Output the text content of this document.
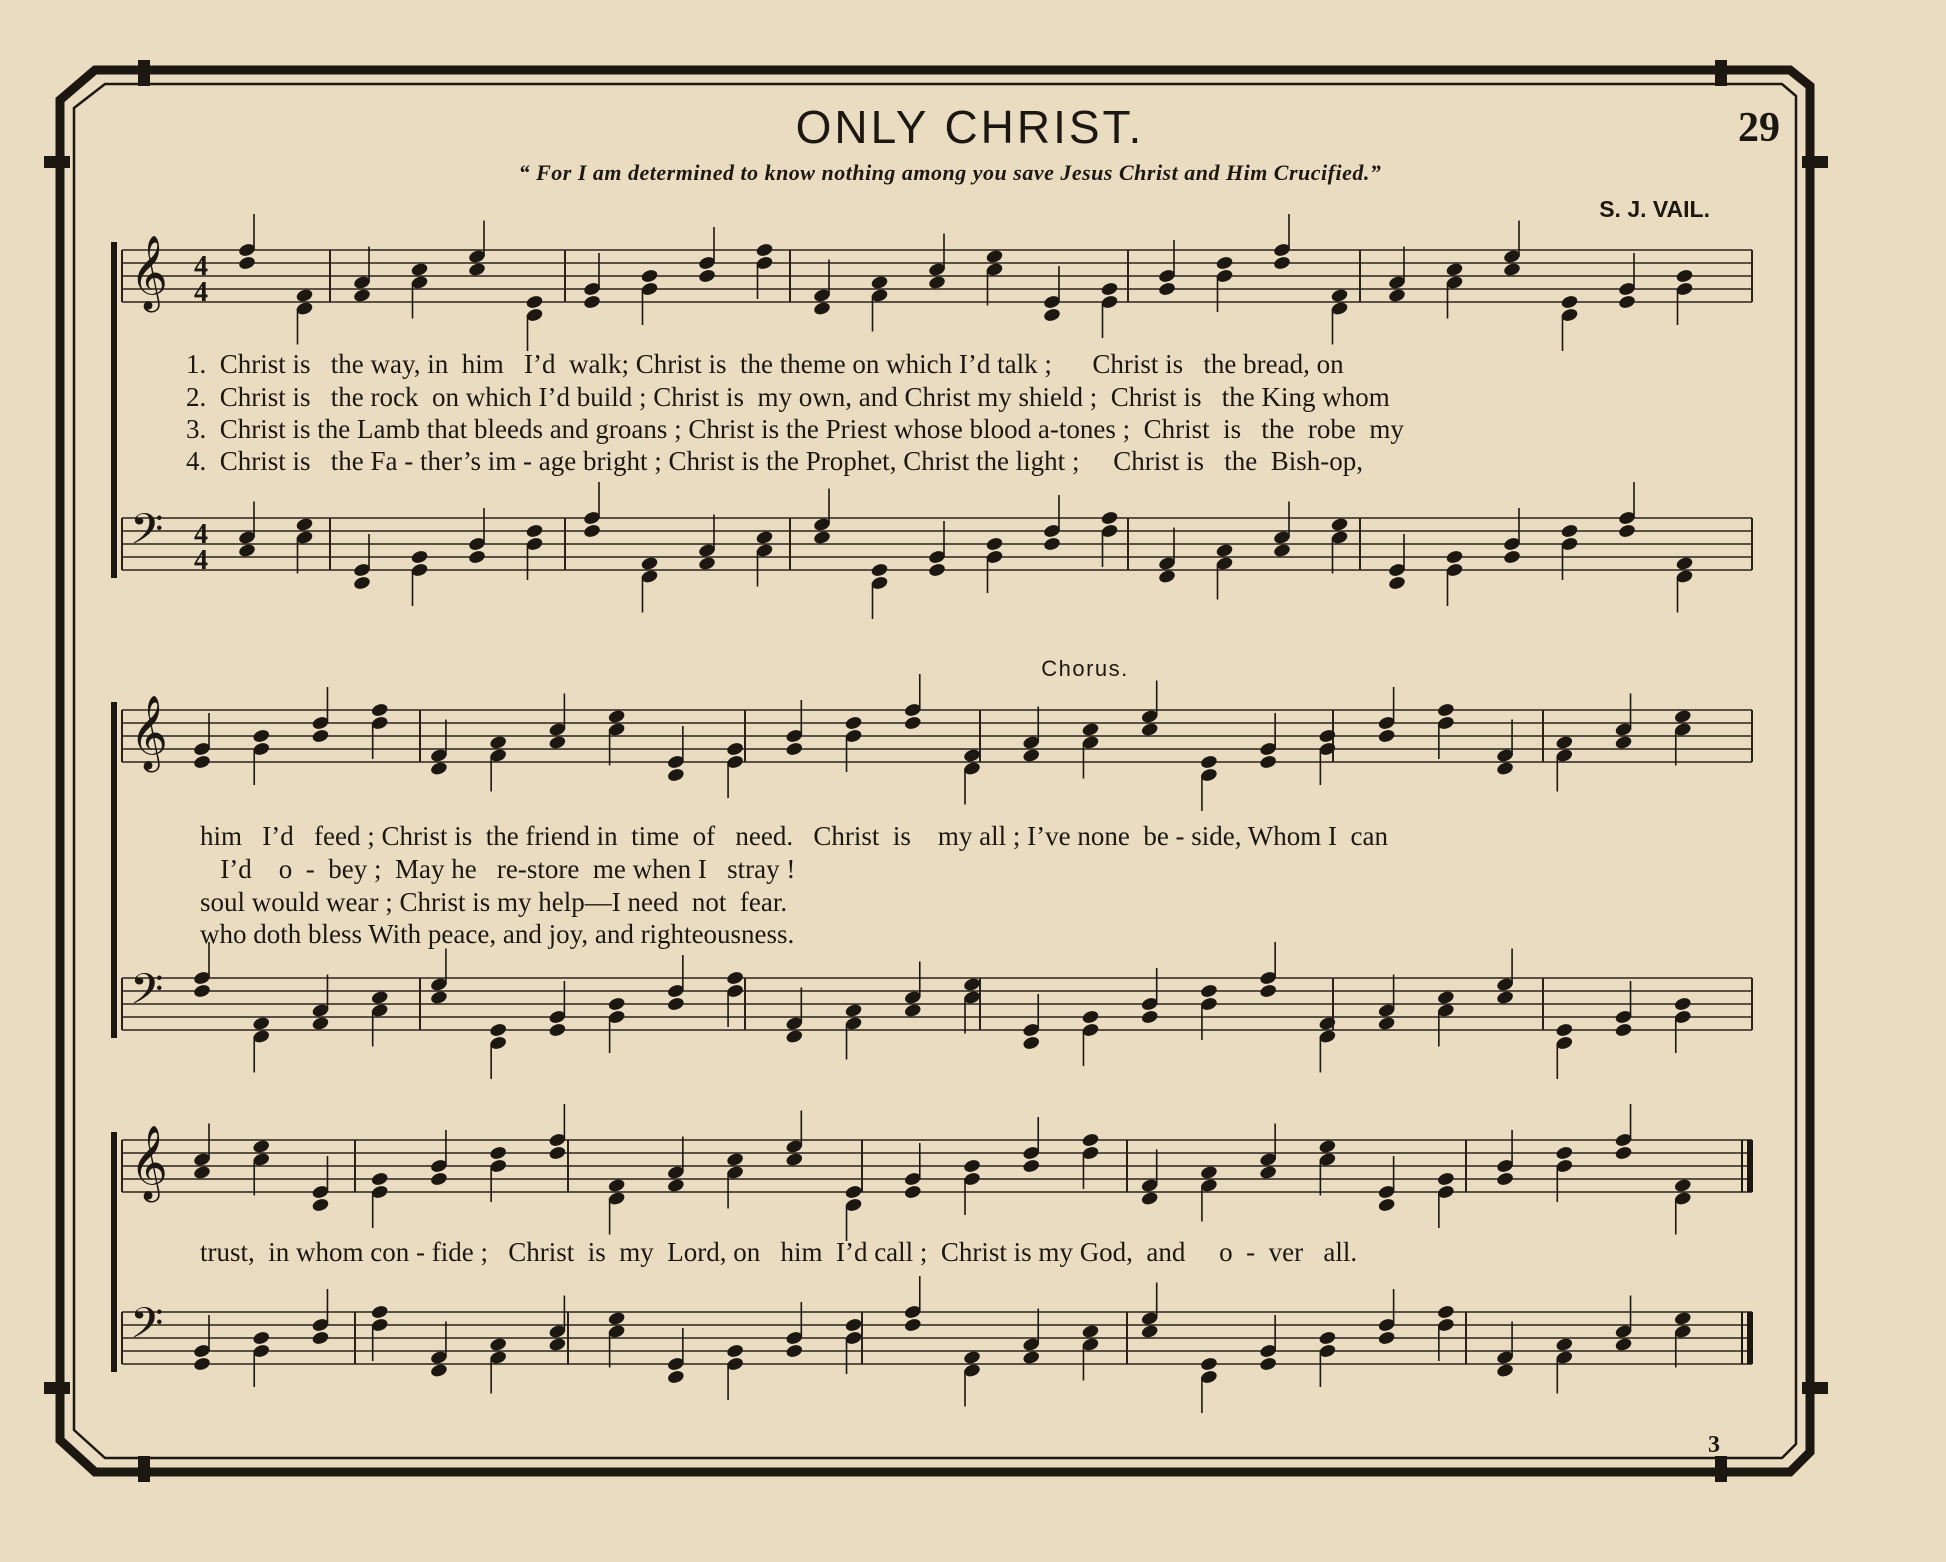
ONLY CHRIST.	29
“ For I am determined to know nothing among you save Jesus Christ and Him Crucified.”
S. J. VAIL.
𝄞 4
4
𝄢 4
4
𝄞
𝄢
𝄞
𝄢
Chorus.
1.  Christ is   the way, in  him   I’d  walk; Christ is  the theme on which I’d talk ;      Christ is   the bread, on
2.  Christ is   the rock  on which I’d build ; Christ is  my own, and Christ my shield ;  Christ is   the King whom
3.  Christ is the Lamb that bleeds and groans ; Christ is the Priest whose blood a-tones ;  Christ  is   the  robe  my
4.  Christ is   the Fa - ther’s im - age bright ; Christ is the Prophet, Christ the light ;     Christ is   the  Bish-op,
him   I’d   feed ; Christ is  the friend in  time  of   need.   Christ  is    my all ; I’ve none  be - side, Whom I  can
I’d    o  -  bey ;  May he   re-store  me when I   stray !
soul would wear ; Christ is my help—I need  not  fear.
who doth bless With peace, and joy, and righteousness.
trust,  in whom con - fide ;   Christ  is  my  Lord, on   him  I’d call ;  Christ is my God,  and     o  -  ver   all.
3
